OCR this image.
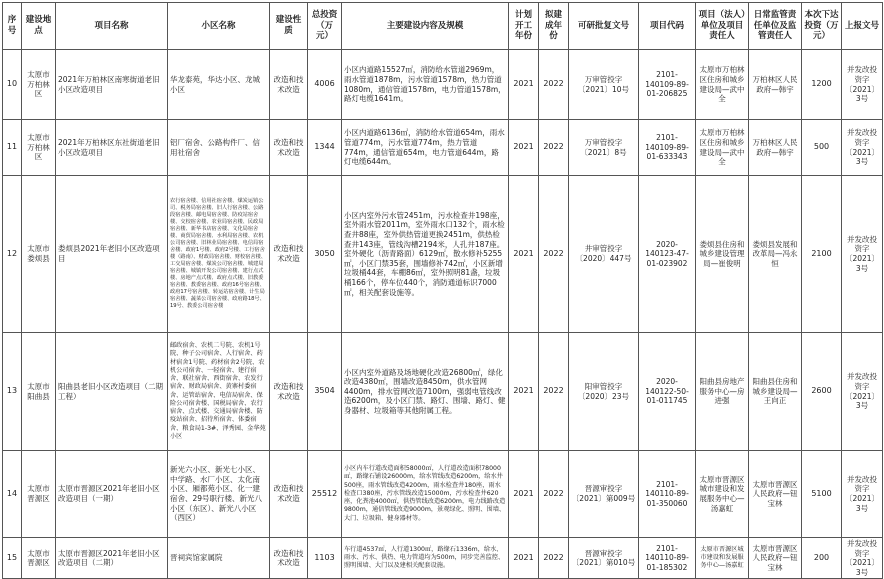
序号	建设地点	项目名称	小区名称	建设性质	总投资（万元）	主要建设内容及规模	计划开工年份	拟建成年份	可研批复文号	项目代码	项目（法人）单位及项目责任人	日常监管责任单位及监管责任人	本次下达投资（万元）	上报文号
10	太原市万柏林区	2021年万柏林区南寒街道老旧小区改造项目	华龙泰苑，华达小区、龙城小区	改造和技术改造	4006	小区内道路15527㎡，消防给水管道2969m，雨水管道1878m，污水管道1578m，热力管道1080m，通信管道1578m，电力管道1578m，路灯电缆1641m。	2021	2022	万审管投字〔2021〕10号	2101-140109-89-01-206825	太原市万柏林区住房和城乡建设局—武中全	万柏林区人民政府—韩宇	1200	并发改投资字〔2021〕3号
11	太原市万柏林区	2021年万柏林区东社街道老旧小区改造项目	铝厂宿舍、公路构件厂、信用社宿舍	改造和技术改造	1344	小区内道路6136㎡，消防给水管道654m，雨水管道774m，污水管道774m，热力管道774m，通信管道654m，电力管道644m，路灯电缆644m。	2021	2022	万审管投字〔2021〕8号	2101-140109-89-01-633343	太原市万柏林区住房和城乡建设局—武中全	万柏林区人民政府—韩宇	500	并发改投资字〔2021〕3号
12	太原市娄烦县	娄烦县2021年老旧小区改造项目	农行宿舍楼、信用社宿舍楼、煤炭运销公司、税务局宿舍楼、旧人行宿舍楼、公路段宿舍楼、邮电局宿舍楼、防疫站宿舍楼、交校宿舍楼、农业局宿舍楼、民政局宿舍楼、新华书店宿舍楼、文化局宿舍楼、商贸局宿舍楼、水利局宿舍楼、农机公司宿舍楼、旧林业局宿舍楼、电信局宿舍楼、政府1号楼、政府2号楼、工行宿舍楼（路南）、财政局宿舍楼、财校宿舍楼、工交局宿舍楼、煤炭公司宿舍楼、城建局宿舍楼、城镇开发公司宿舍楼、建行点式楼、房地产点式楼、政府点式楼、旧教委宿舍楼、教委宿舍楼、政府16号宿舍楼、政府17号宿舍楼、转运站宿舍楼、计生局宿舍楼、蔬菜公司宿舍楼、政府路18号、19号、教委公司宿舍楼	改造和技术改造	3050	小区内室外污水管2451m，污水检查井198座，室外雨水管2011m，室外雨水口132个，雨水检查井88座，室外供热管道更换2451m，供热检查井143座，管线沟槽2194米，人孔井187座。室外硬化（沥青路面）6129㎡，散水修补5255㎡，小区门禁35套，围墙修补742㎡，小区新增垃圾桶44套，车棚86㎡，室外照明81盏，垃圾桶166个，停车位440个，消防通道标识7000㎡，相关配套设施等。	2021	2022	井审管投字〔2020〕447号	2020-140123-47-01-023902	娄烦县住房和城乡建设管理局—崔俊明	娄烦县发展和改革局—冯永恒	2100	并发改投资字〔2021〕3号
13	太原市阳曲县	阳曲县老旧小区改造项目（二期工程）	邮政宿舍、农机二号院、农机1号院、种子公司宿舍、人行宿舍、药材宿舍1号院、药材宿舍2号院、农机公司宿舍、一轻宿舍、建行宿舍、联社宿舍、西街宿舍、农发行宿舍、财政局宿舍、黄寨村委宿舍、运管站宿舍、电信局宿舍、保险公司宿舍楼、国税局宿舍、农行宿舍、点式楼、交通局宿舍楼、防疫站宿舍、招待所宿舍、体委宿舍、粮食局1-3#、泽秀园、金华苑小区	改造和技术改造	3504	小区内室外道路及场地硬化改造26800㎡，绿化改造4380㎡，围墙改造8450m，供水管网4400m，排水管网改造7100m，强弱电管线改造6200m，及小区门禁、路灯、围墙、路灯、健身器材、垃圾箱等其他附属工程。	2021	2022	阳审管投字〔2020〕23号	2020-140122-50-01-011745	阳曲县房地产服务中心—房进强	阳曲县住房和城乡建设局—王向正	2600	并发改投资字〔2021〕3号
14	太原市晋源区	太原市晋源区2021年老旧小区改造项目（一期）	新光六小区、新光七小区、中学路、水厂小区、太化南小区、厢都苑小区、化一建宿舍、29号职行楼、新光八小区（东区）、新光八小区（西区）	改造和技术改造	25512	小区内车行道改造面积58000㎡，人行道改造面积78000㎡，路缘石铺设26000m，给水管线改造6200m，给水井500座，雨水管线改造4200m，雨水检查井180座，雨水检查口380座，污水管线改造15000m，污水检查井620座，化粪池4000㎡，供热管线改造6200m，电力线路改造9800m，通信管线改造9000m，景观绿化、照明、围墙、大门、垃圾箱、健身器材等。	2021	2022	晋源审投字〔2021〕第009号	2101-140110-89-01-350060	太原市晋源区城市建设和发展服务中心—汤嘉虹	太原市晋源区人民政府—钮宝林	5100	并发改投资字〔2021〕3号
15	太原市晋源区	太原市晋源区2021年老旧小区改造项目（二期）	晋祠宾馆家属院	改造和技术改造	1103	车行道4537㎡，人行道1300㎡，路缘石1336m，给水、雨水、污水、供热、电力管道均为500m，同步完善监控、照明围墙、大门以及建相关配套设施。	2021	2022	晋源审投字〔2021〕第010号	2101-140110-89-01-185302	太原市晋源区城市建设和发展服务中心—汤嘉虹	太原市晋源区人民政府—钮宝林	200	并发改投资字〔2021〕3号
